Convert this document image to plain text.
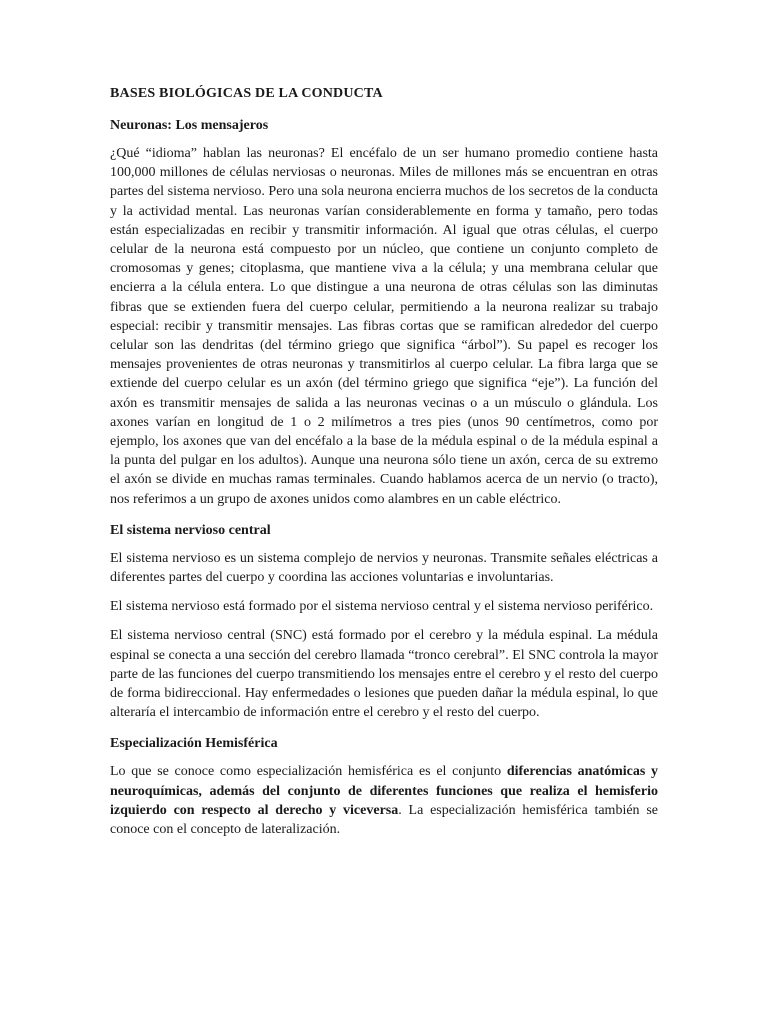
BASES BIOLÓGICAS DE LA CONDUCTA
Neuronas: Los mensajeros

¿Qué “idioma” hablan las neuronas? El encéfalo de un ser humano promedio contiene hasta 100,000 millones de células nerviosas o neuronas. Miles de millones más se encuentran en otras partes del sistema nervioso. Pero una sola neurona encierra muchos de los secretos de la conducta y la actividad mental. Las neuronas varían considerablemente en forma y tamaño, pero todas están especializadas en recibir y transmitir información. Al igual que otras células, el cuerpo celular de la neurona está compuesto por un núcleo, que contiene un conjunto completo de cromosomas y genes; citoplasma, que mantiene viva a la célula; y una membrana celular que encierra a la célula entera. Lo que distingue a una neurona de otras células son las diminutas fibras que se extienden fuera del cuerpo celular, permitiendo a la neurona realizar su trabajo especial: recibir y transmitir mensajes. Las fibras cortas que se ramifican alrededor del cuerpo celular son las dendritas (del término griego que significa “árbol”). Su papel es recoger los mensajes provenientes de otras neuronas y transmitirlos al cuerpo celular. La fibra larga que se extiende del cuerpo celular es un axón (del término griego que significa “eje”). La función del axón es transmitir mensajes de salida a las neuronas vecinas o a un músculo o glándula. Los axones varían en longitud de 1 o 2 milímetros a tres pies (unos 90 centímetros, como por ejemplo, los axones que van del encéfalo a la base de la médula espinal o de la médula espinal a la punta del pulgar en los adultos). Aunque una neurona sólo tiene un axón, cerca de su extremo el axón se divide en muchas ramas terminales. Cuando hablamos acerca de un nervio (o tracto), nos referimos a un grupo de axones unidos como alambres en un cable eléctrico.

El sistema nervioso central

El sistema nervioso es un sistema complejo de nervios y neuronas. Transmite señales eléctricas a diferentes partes del cuerpo y coordina las acciones voluntarias e involuntarias.

El sistema nervioso está formado por el sistema nervioso central y el sistema nervioso periférico.

El sistema nervioso central (SNC) está formado por el cerebro y la médula espinal. La médula espinal se conecta a una sección del cerebro llamada “tronco cerebral”. El SNC controla la mayor parte de las funciones del cuerpo transmitiendo los mensajes entre el cerebro y el resto del cuerpo de forma bidireccional. Hay enfermedades o lesiones que pueden dañar la médula espinal, lo que alteraría el intercambio de información entre el cerebro y el resto del cuerpo.

Especialización Hemisférica

Lo que se conoce como especialización hemisférica es el conjunto diferencias anatómicas y neuroquímicas, además del conjunto de diferentes funciones que realiza el hemisferio izquierdo con respecto al derecho y viceversa. La especialización hemisférica también se conoce con el concepto de lateralización.
